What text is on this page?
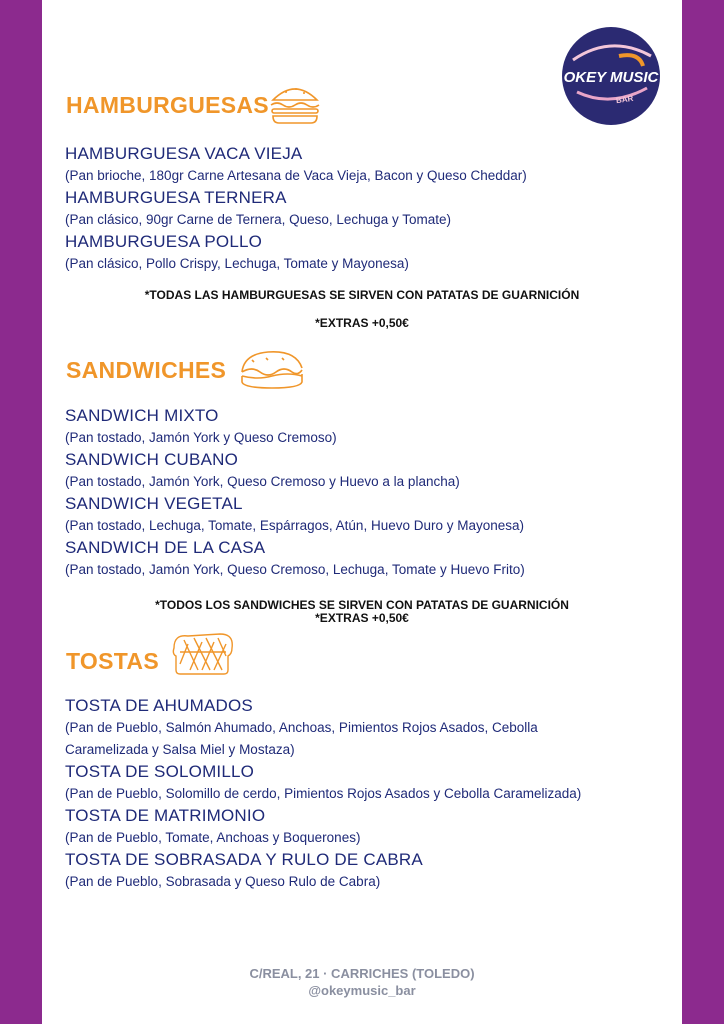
OKEY MUSIC
BAR
HAMBURGUESAS
HAMBURGUESA VACA VIEJA
(Pan brioche, 180gr Carne Artesana de Vaca Vieja, Bacon y Queso Cheddar)
HAMBURGUESA TERNERA
(Pan clásico, 90gr Carne de Ternera, Queso, Lechuga y Tomate)
HAMBURGUESA POLLO
(Pan clásico, Pollo Crispy, Lechuga, Tomate y Mayonesa)
*TODAS LAS HAMBURGUESAS SE SIRVEN CON PATATAS DE GUARNICIÓN
*EXTRAS +0,50€
SANDWICHES
SANDWICH MIXTO
(Pan tostado, Jamón York y Queso Cremoso)
SANDWICH CUBANO
(Pan tostado, Jamón York, Queso Cremoso y Huevo a la plancha)
SANDWICH VEGETAL
(Pan tostado, Lechuga, Tomate, Espárragos, Atún, Huevo Duro y Mayonesa)
SANDWICH DE LA CASA
(Pan tostado, Jamón York, Queso Cremoso, Lechuga, Tomate y Huevo Frito)
*TODOS LOS SANDWICHES SE SIRVEN CON PATATAS DE GUARNICIÓN
*EXTRAS +0,50€
TOSTAS
TOSTA DE AHUMADOS
(Pan de Pueblo, Salmón Ahumado, Anchoas, Pimientos Rojos Asados, Cebolla Caramelizada y Salsa Miel y Mostaza)
TOSTA DE SOLOMILLO
(Pan de Pueblo, Solomillo de cerdo, Pimientos Rojos Asados y Cebolla Caramelizada)
TOSTA DE MATRIMONIO
(Pan de Pueblo, Tomate, Anchoas y Boquerones)
TOSTA DE SOBRASADA Y RULO DE CABRA
(Pan de Pueblo, Sobrasada y Queso Rulo de Cabra)
C/REAL, 21 · CARRICHES (TOLEDO)
@okeymusic_bar
